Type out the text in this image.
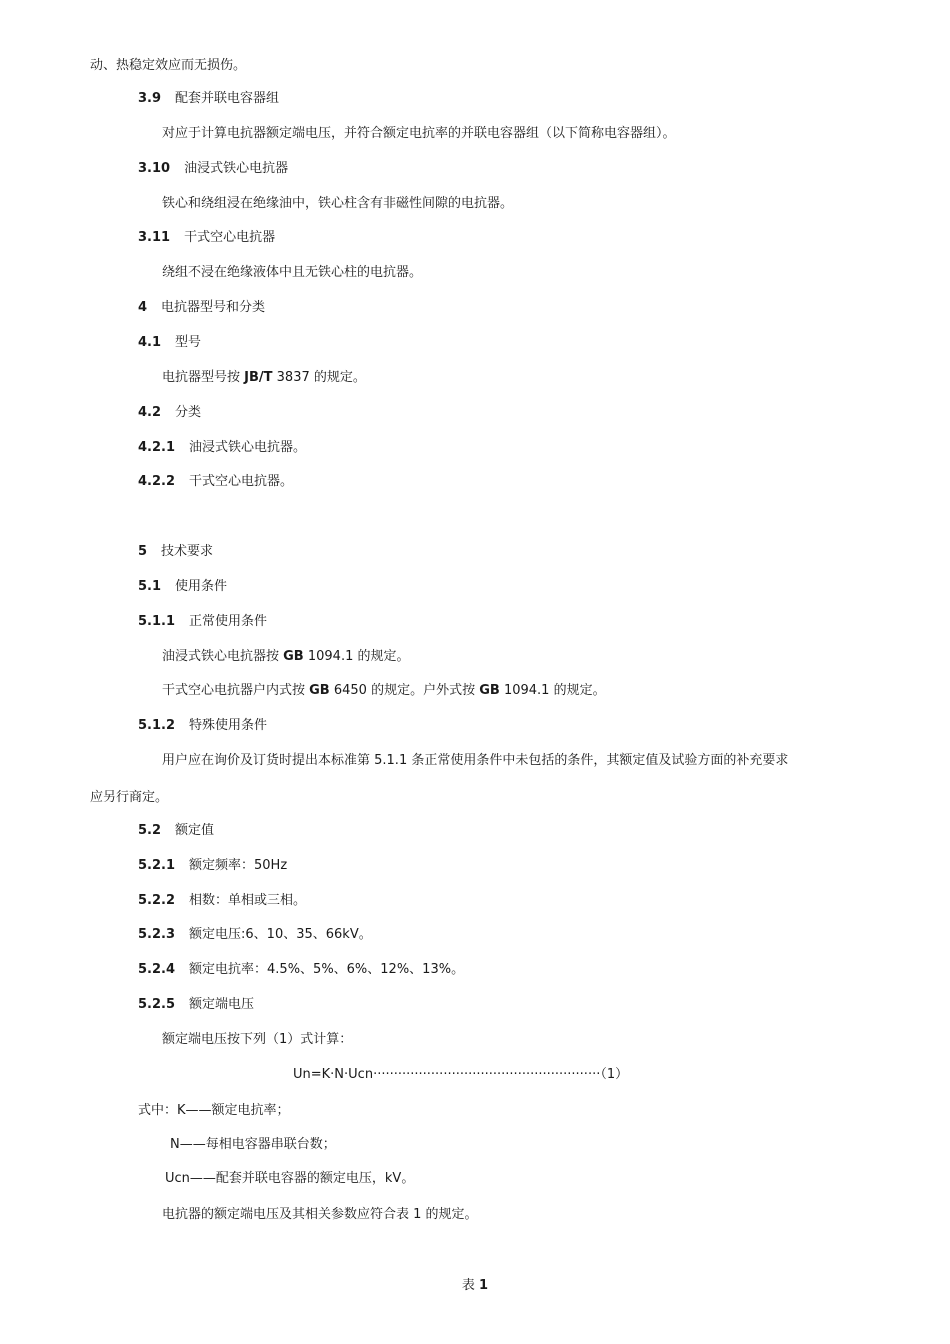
动、热稳定效应而无损伤。
3.9 配套并联电容器组
对应于计算电抗器额定端电压，并符合额定电抗率的并联电容器组（以下简称电容器组）。
3.10 油浸式铁心电抗器
铁心和绕组浸在绝缘油中，铁心柱含有非磁性间隙的电抗器。
3.11 干式空心电抗器
绕组不浸在绝缘液体中且无铁心柱的电抗器。
4 电抗器型号和分类
4.1 型号
电抗器型号按 JB/T 3837 的规定。
4.2 分类
4.2.1 油浸式铁心电抗器。
4.2.2 干式空心电抗器。
5 技术要求
5.1 使用条件
5.1.1 正常使用条件
油浸式铁心电抗器按 GB 1094.1 的规定。
干式空心电抗器户内式按 GB 6450 的规定。户外式按 GB 1094.1 的规定。
5.1.2 特殊使用条件
用户应在询价及订货时提出本标准第 5.1.1 条正常使用条件中未包括的条件，其额定值及试验方面的补充要求
应另行商定。
5.2 额定值
5.2.1 额定频率：50Hz
5.2.2 相数：单相或三相。
5.2.3 额定电压:6、10、35、66kV。
5.2.4 额定电抗率：4.5%、5%、6%、12%、13%。
5.2.5 额定端电压
额定端电压按下列（1）式计算：
Un=K·N·Ucn·······················································（1）
式中：K——额定电抗率；
N——每相电容器串联台数；
Ucn——配套并联电容器的额定电压，kV。
电抗器的额定端电压及其相关参数应符合表 1 的规定。
表 1
